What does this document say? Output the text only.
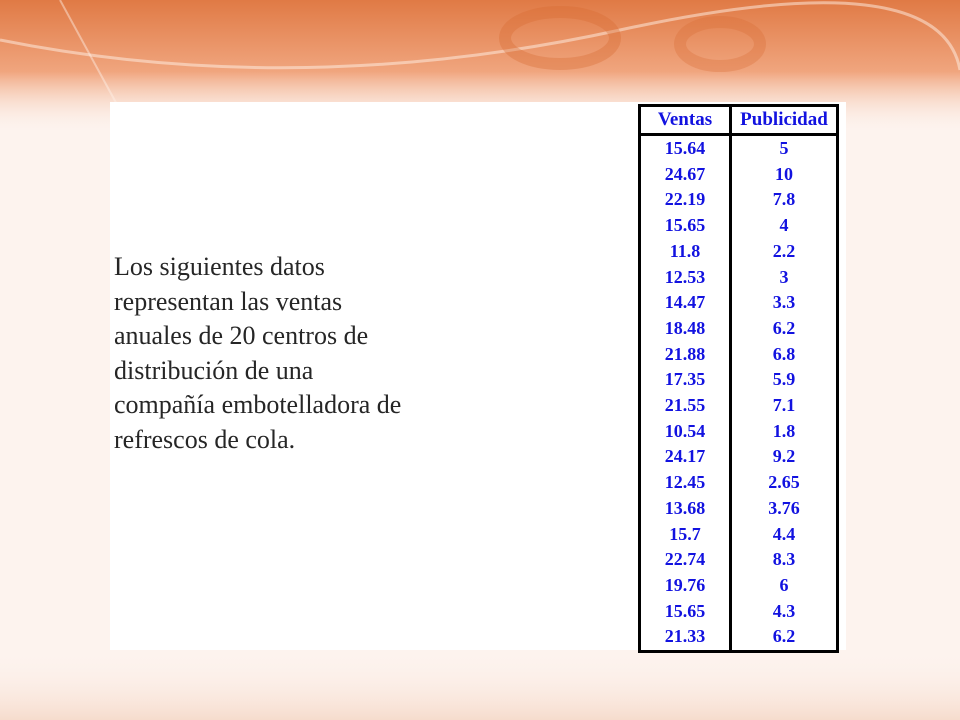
Los siguientes datos
representan las ventas
anuales de 20 centros de
distribución de una
compañía embotelladora de
refrescos de cola.

Ventas	Publicidad
15.64	5
24.67	10
22.19	7.8
15.65	4
11.8	2.2
12.53	3
14.47	3.3
18.48	6.2
21.88	6.8
17.35	5.9
21.55	7.1
10.54	1.8
24.17	9.2
12.45	2.65
13.68	3.76
15.7	4.4
22.74	8.3
19.76	6
15.65	4.3
21.33	6.2
